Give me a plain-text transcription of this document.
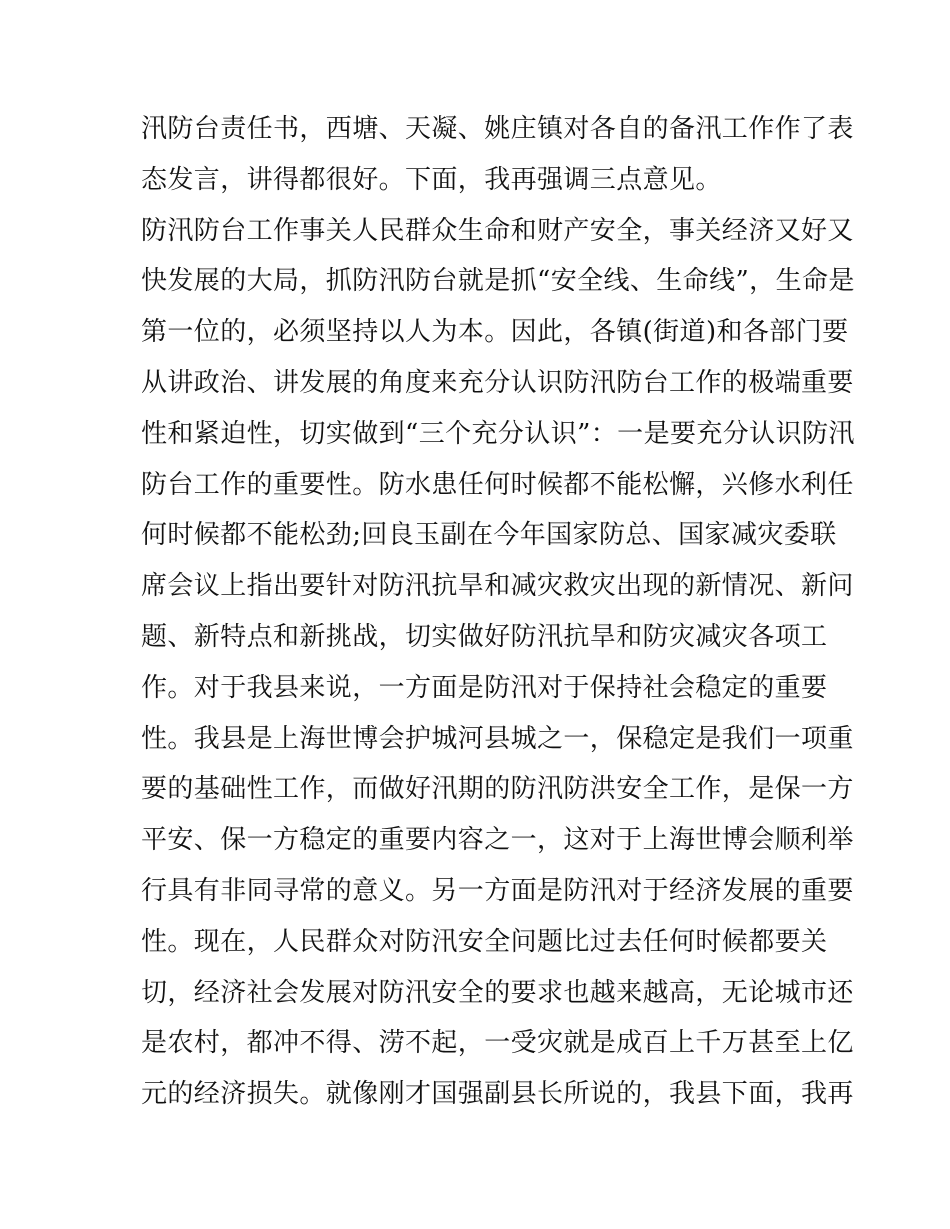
汛防台责任书，西塘、天凝、姚庄镇对各自的备汛工作作了表
态发言，讲得都很好。下面，我再强调三点意见。
防汛防台工作事关人民群众生命和财产安全，事关经济又好又
快发展的大局，抓防汛防台就是抓“安全线、生命线”，生命是
第一位的，必须坚持以人为本。因此，各镇(街道)和各部门要
从讲政治、讲发展的角度来充分认识防汛防台工作的极端重要
性和紧迫性，切实做到“三个充分认识”：一是要充分认识防汛
防台工作的重要性。防水患任何时候都不能松懈，兴修水利任
何时候都不能松劲;回良玉副在今年国家防总、国家减灾委联
席会议上指出要针对防汛抗旱和减灾救灾出现的新情况、新问
题、新特点和新挑战，切实做好防汛抗旱和防灾减灾各项工
作。对于我县来说，一方面是防汛对于保持社会稳定的重要
性。我县是上海世博会护城河县城之一，保稳定是我们一项重
要的基础性工作，而做好汛期的防汛防洪安全工作，是保一方
平安、保一方稳定的重要内容之一，这对于上海世博会顺利举
行具有非同寻常的意义。另一方面是防汛对于经济发展的重要
性。现在，人民群众对防汛安全问题比过去任何时候都要关
切，经济社会发展对防汛安全的要求也越来越高，无论城市还
是农村，都冲不得、涝不起，一受灾就是成百上千万甚至上亿
元的经济损失。就像刚才国强副县长所说的，我县下面，我再
